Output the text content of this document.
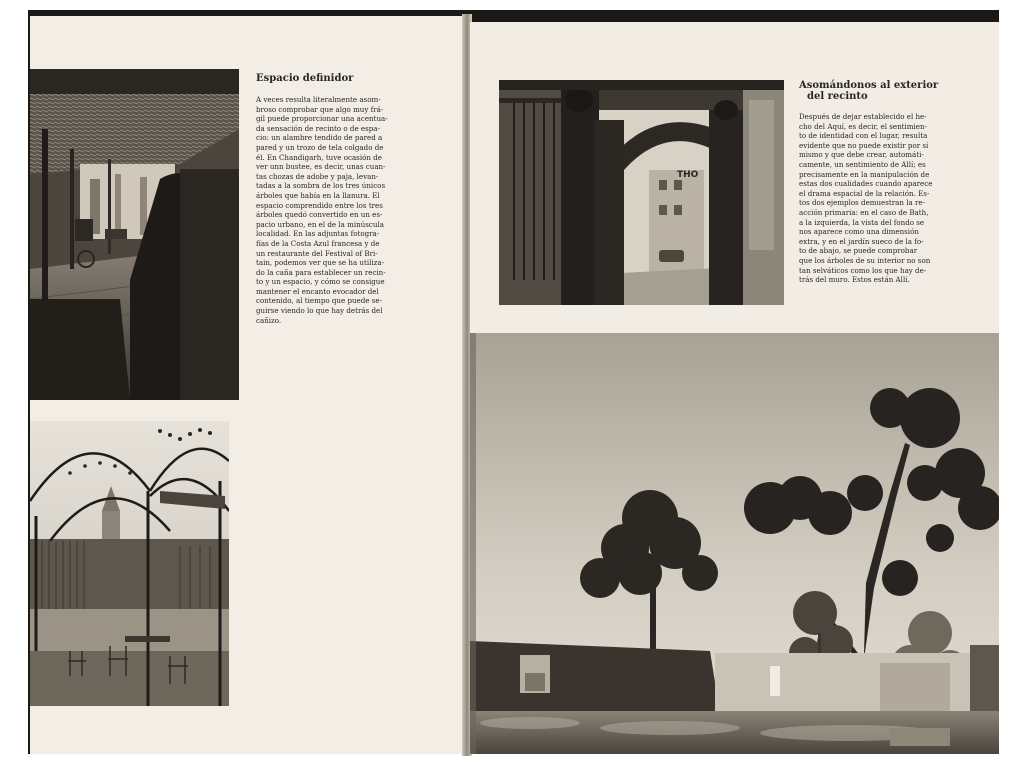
Espacio definidor
A veces resulta literalmente asom-
broso comprobar que algo muy frá-
gil puede proporcionar una acentua-
da sensación de recinto o de espa-
cio: un alambre tendido de pared a
pared y un trozo de tela colgado de
él. En Chandigarh, tuve ocasión de
ver unn bustee, es decir, unas cuan-
tas chozas de adobe y paja, levan-
tadas a la sombra de los tres únicos
árboles que había en la llanura. El
espacio comprendido entre los tres
árboles quedó convertido en un es-
pacio urbano, en el de la minúscula
localidad. En las adjuntas fotogra-
fías de la Costa Azul francesa y de
un restaurante del Festival of Bri-
tain, podemos ver que se ha utiliza-
do la caña para establecer un recin-
to y un espacio, y cómo se consigue
mantener el encanto evocador del
contenido, al tiempo que puede se-
guirse viendo lo que hay detrás del
cañizo.
THO
Asomándonos al exterior
del recinto
Después de dejar establecido el he-
cho del Aquí, es decir, el sentimien-
to de identidad con el lugar, resulta
evidente que no puede existir por sí
mismo y que debe crear, automáti-
camente, un sentimiento de Allí; es
precisamente en la manipulación de
estas dos cualidades cuando aparece
el drama espacial de la relación. Es-
tos dos ejemplos demuestran la re-
acción primaria: en el caso de Bath,
a la izquierda, la vista del fondo se
nos aparece como una dimensión
extra, y en el jardín sueco de la fo-
to de abajo, se puede comprobar
que los árboles de su interior no son
tan selváticos como los que hay de-
trás del muro. Estos están Allí.
